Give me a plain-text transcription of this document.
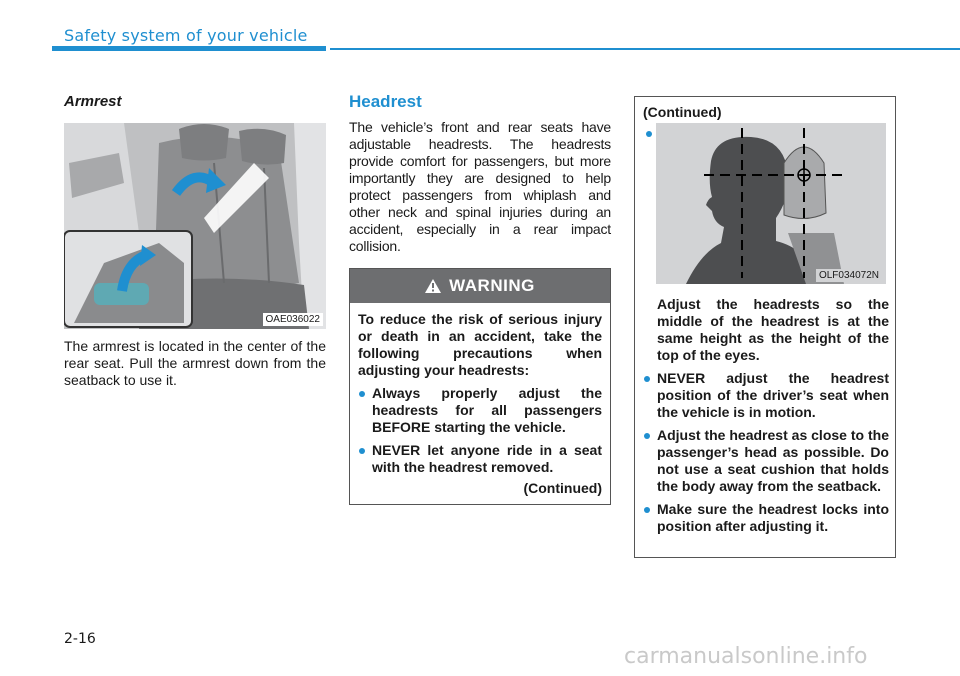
Safety system of your vehicle
Armrest
OAE036022
The armrest is located in the center of the rear seat. Pull the armrest down from the seatback to use it.
Headrest
The vehicle’s front and rear seats have adjustable headrests. The headrests provide comfort for passengers, but more importantly they are designed to help protect passengers from whiplash and other neck and spinal injuries during an accident, especially in a rear impact collision.
WARNING
To reduce the risk of serious injury or death in an accident, take the following precautions when adjusting your headrests:
Always properly adjust the headrests for all passengers BEFORE starting the vehicle.
NEVER let anyone ride in a seat with the headrest removed.
(Continued)
(Continued)
OLF034072N
Adjust the headrests so the middle of the headrest is at the same height as the height of the top of the eyes.
NEVER adjust the headrest position of the driver’s seat when the vehicle is in motion.
Adjust the headrest as close to the passenger’s head as possible. Do not use a seat cushion that holds the body away from the seatback.
Make sure the headrest locks into position after adjusting it.
2-16
carmanualsonline.info
